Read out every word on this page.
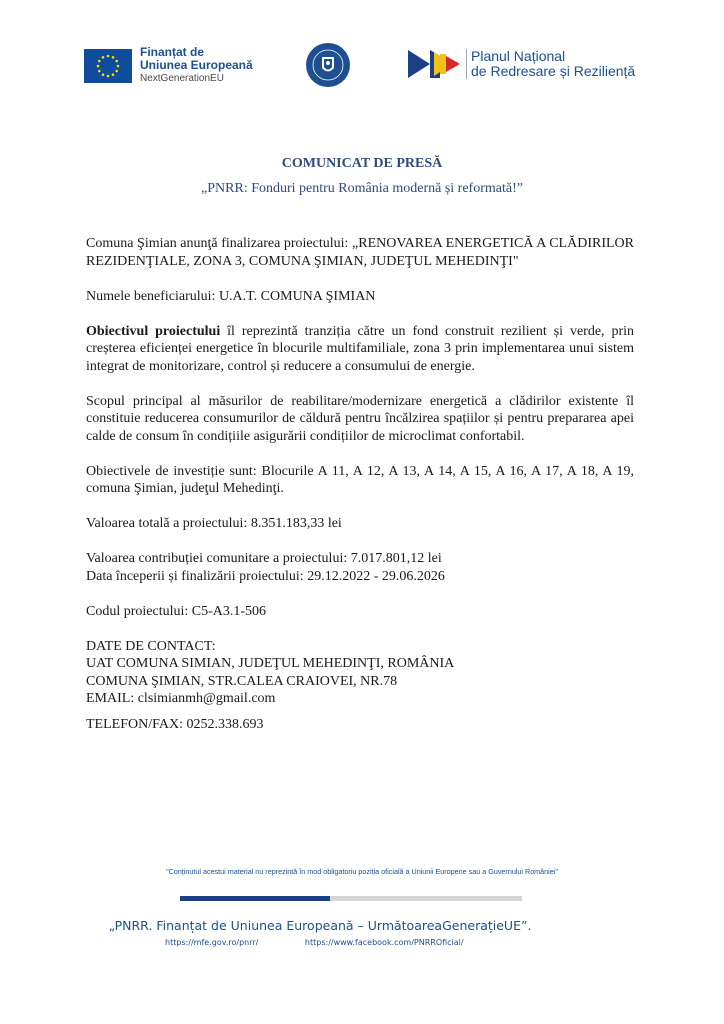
Finanțat de
Uniunea Europeană
NextGenerationEU
Planul Național
de Redresare și Reziliență
COMUNICAT DE PRESĂ
„PNRR: Fonduri pentru România modernă și reformată!”

Comuna Şimian anunţă finalizarea proiectului: „RENOVAREA ENERGETICĂ A CLĂDIRILOR REZIDENŢIALE, ZONA 3, COMUNA ŞIMIAN, JUDEŢUL MEHEDINŢI"

Numele beneficiarului: U.A.T. COMUNA ŞIMIAN

Obiectivul proiectului îl reprezintă tranziția către un fond construit rezilient și verde, prin creșterea eficienței energetice în blocurile multifamiliale, zona 3 prin implementarea unui sistem integrat de monitorizare, control și reducere a consumului de energie.

Scopul principal al măsurilor de reabilitare/modernizare energetică a clădirilor existente îl constituie reducerea consumurilor de căldură pentru încălzirea spațiilor și pentru prepararea apei calde de consum în condițiile asigurării condițiilor de microclimat confortabil.

Obiectivele de investiție sunt: Blocurile A 11, A 12, A 13, A 14, A 15, A 16, A 17, A 18, A 19, comuna Şimian, judeţul Mehedinţi.

Valoarea totală a proiectului: 8.351.183,33 lei

Valoarea contribuției comunitare a proiectului: 7.017.801,12 lei

Data începerii și finalizării proiectului: 29.12.2022 - 29.06.2026

Codul proiectului: C5-A3.1-506

DATE DE CONTACT:

UAT COMUNA SIMIAN, JUDEŢUL MEHEDINŢI, ROMÂNIA

COMUNA ŞIMIAN, STR.CALEA CRAIOVEI, NR.78

EMAIL: clsimianmh@gmail.com

TELEFON/FAX: 0252.338.693

"Conținutul acestui material nu reprezintă în mod obligatoriu poziția oficială a Uniunii Europene sau a Guvernului României"
„PNRR. Finanțat de Uniunea Europeană – UrmătoareaGenerațieUE”.
https://mfe.gov.ro/pnrr/	https://www.facebook.com/PNRROficial/
